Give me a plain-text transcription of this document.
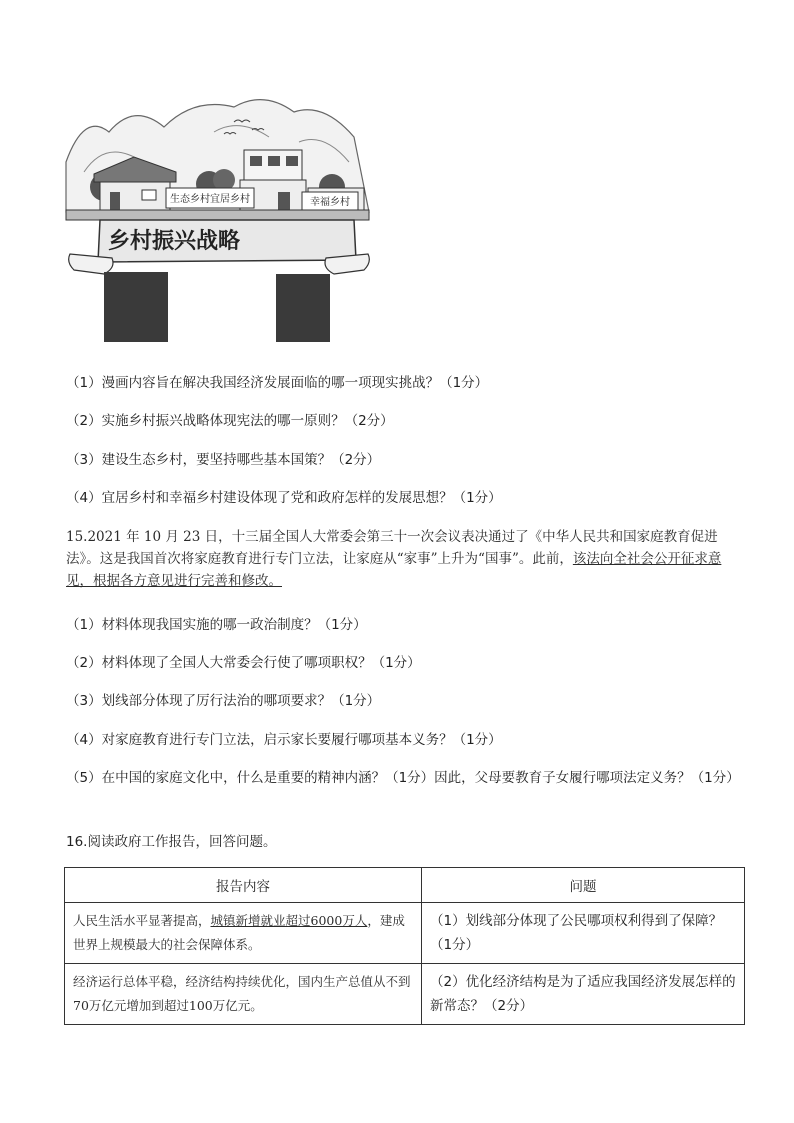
生态乡村宜居乡村	幸福乡村
乡村振兴战略
（1）漫画内容旨在解决我国经济发展面临的哪一项现实挑战？（1分）
（2）实施乡村振兴战略体现宪法的哪一原则？（2分）
（3）建设生态乡村，要坚持哪些基本国策？（2分）
（4）宜居乡村和幸福乡村建设体现了党和政府怎样的发展思想？（1分）
15.2021 年 10 月 23 日，十三届全国人大常委会第三十一次会议表决通过了《中华人民共和国家庭教育促进法》。这是我国首次将家庭教育进行专门立法，让家庭从“家事”上升为“国事”。此前，该法向全社会公开征求意见，根据各方意见进行完善和修改。
（1）材料体现我国实施的哪一政治制度？（1分）
（2）材料体现了全国人大常委会行使了哪项职权？（1分）
（3）划线部分体现了厉行法治的哪项要求？（1分）
（4）对家庭教育进行专门立法，启示家长要履行哪项基本义务？（1分）
（5）在中国的家庭文化中，什么是重要的精神内涵？（1分）因此，父母要教育子女履行哪项法定义务？（1分）
16.阅读政府工作报告，回答问题。
报告内容	问题
人民生活水平显著提高，城镇新增就业超过6000万人，建成世界上规模最大的社会保障体系。	（1）划线部分体现了公民哪项权利得到了保障？（1分）
经济运行总体平稳，经济结构持续优化，国内生产总值从不到70万亿元增加到超过100万亿元。	（2）优化经济结构是为了适应我国经济发展怎样的新常态？（2分）
